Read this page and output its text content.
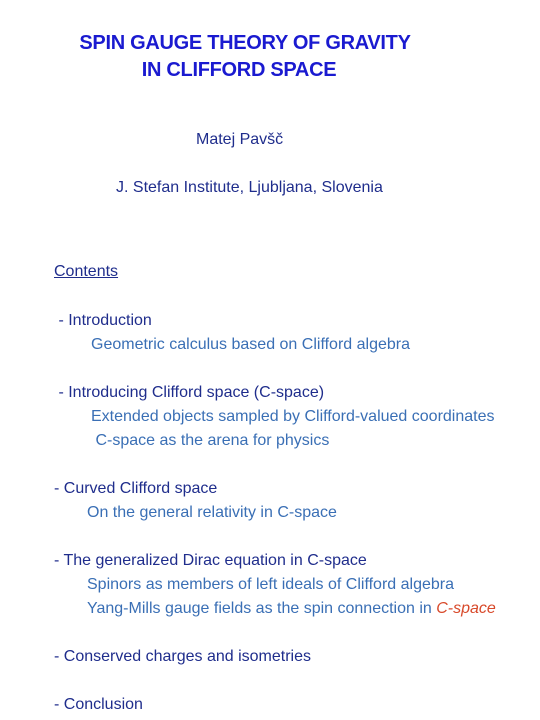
SPIN GAUGE THEORY OF GRAVITY
IN CLIFFORD SPACE
Matej Pavšč
J. Stefan Institute, Ljubljana, Slovenia
Contents
- Introduction
Geometric calculus based on Clifford algebra
- Introducing Clifford space (C-space)
Extended objects sampled by Clifford-valued coordinates
C-space as the arena for physics
- Curved Clifford space
On the general relativity in C-space
- The generalized Dirac equation in C-space
Spinors as members of left ideals of Clifford algebra
Yang-Mills gauge fields as the spin connection in C-space
- Conserved charges and isometries
- Conclusion
